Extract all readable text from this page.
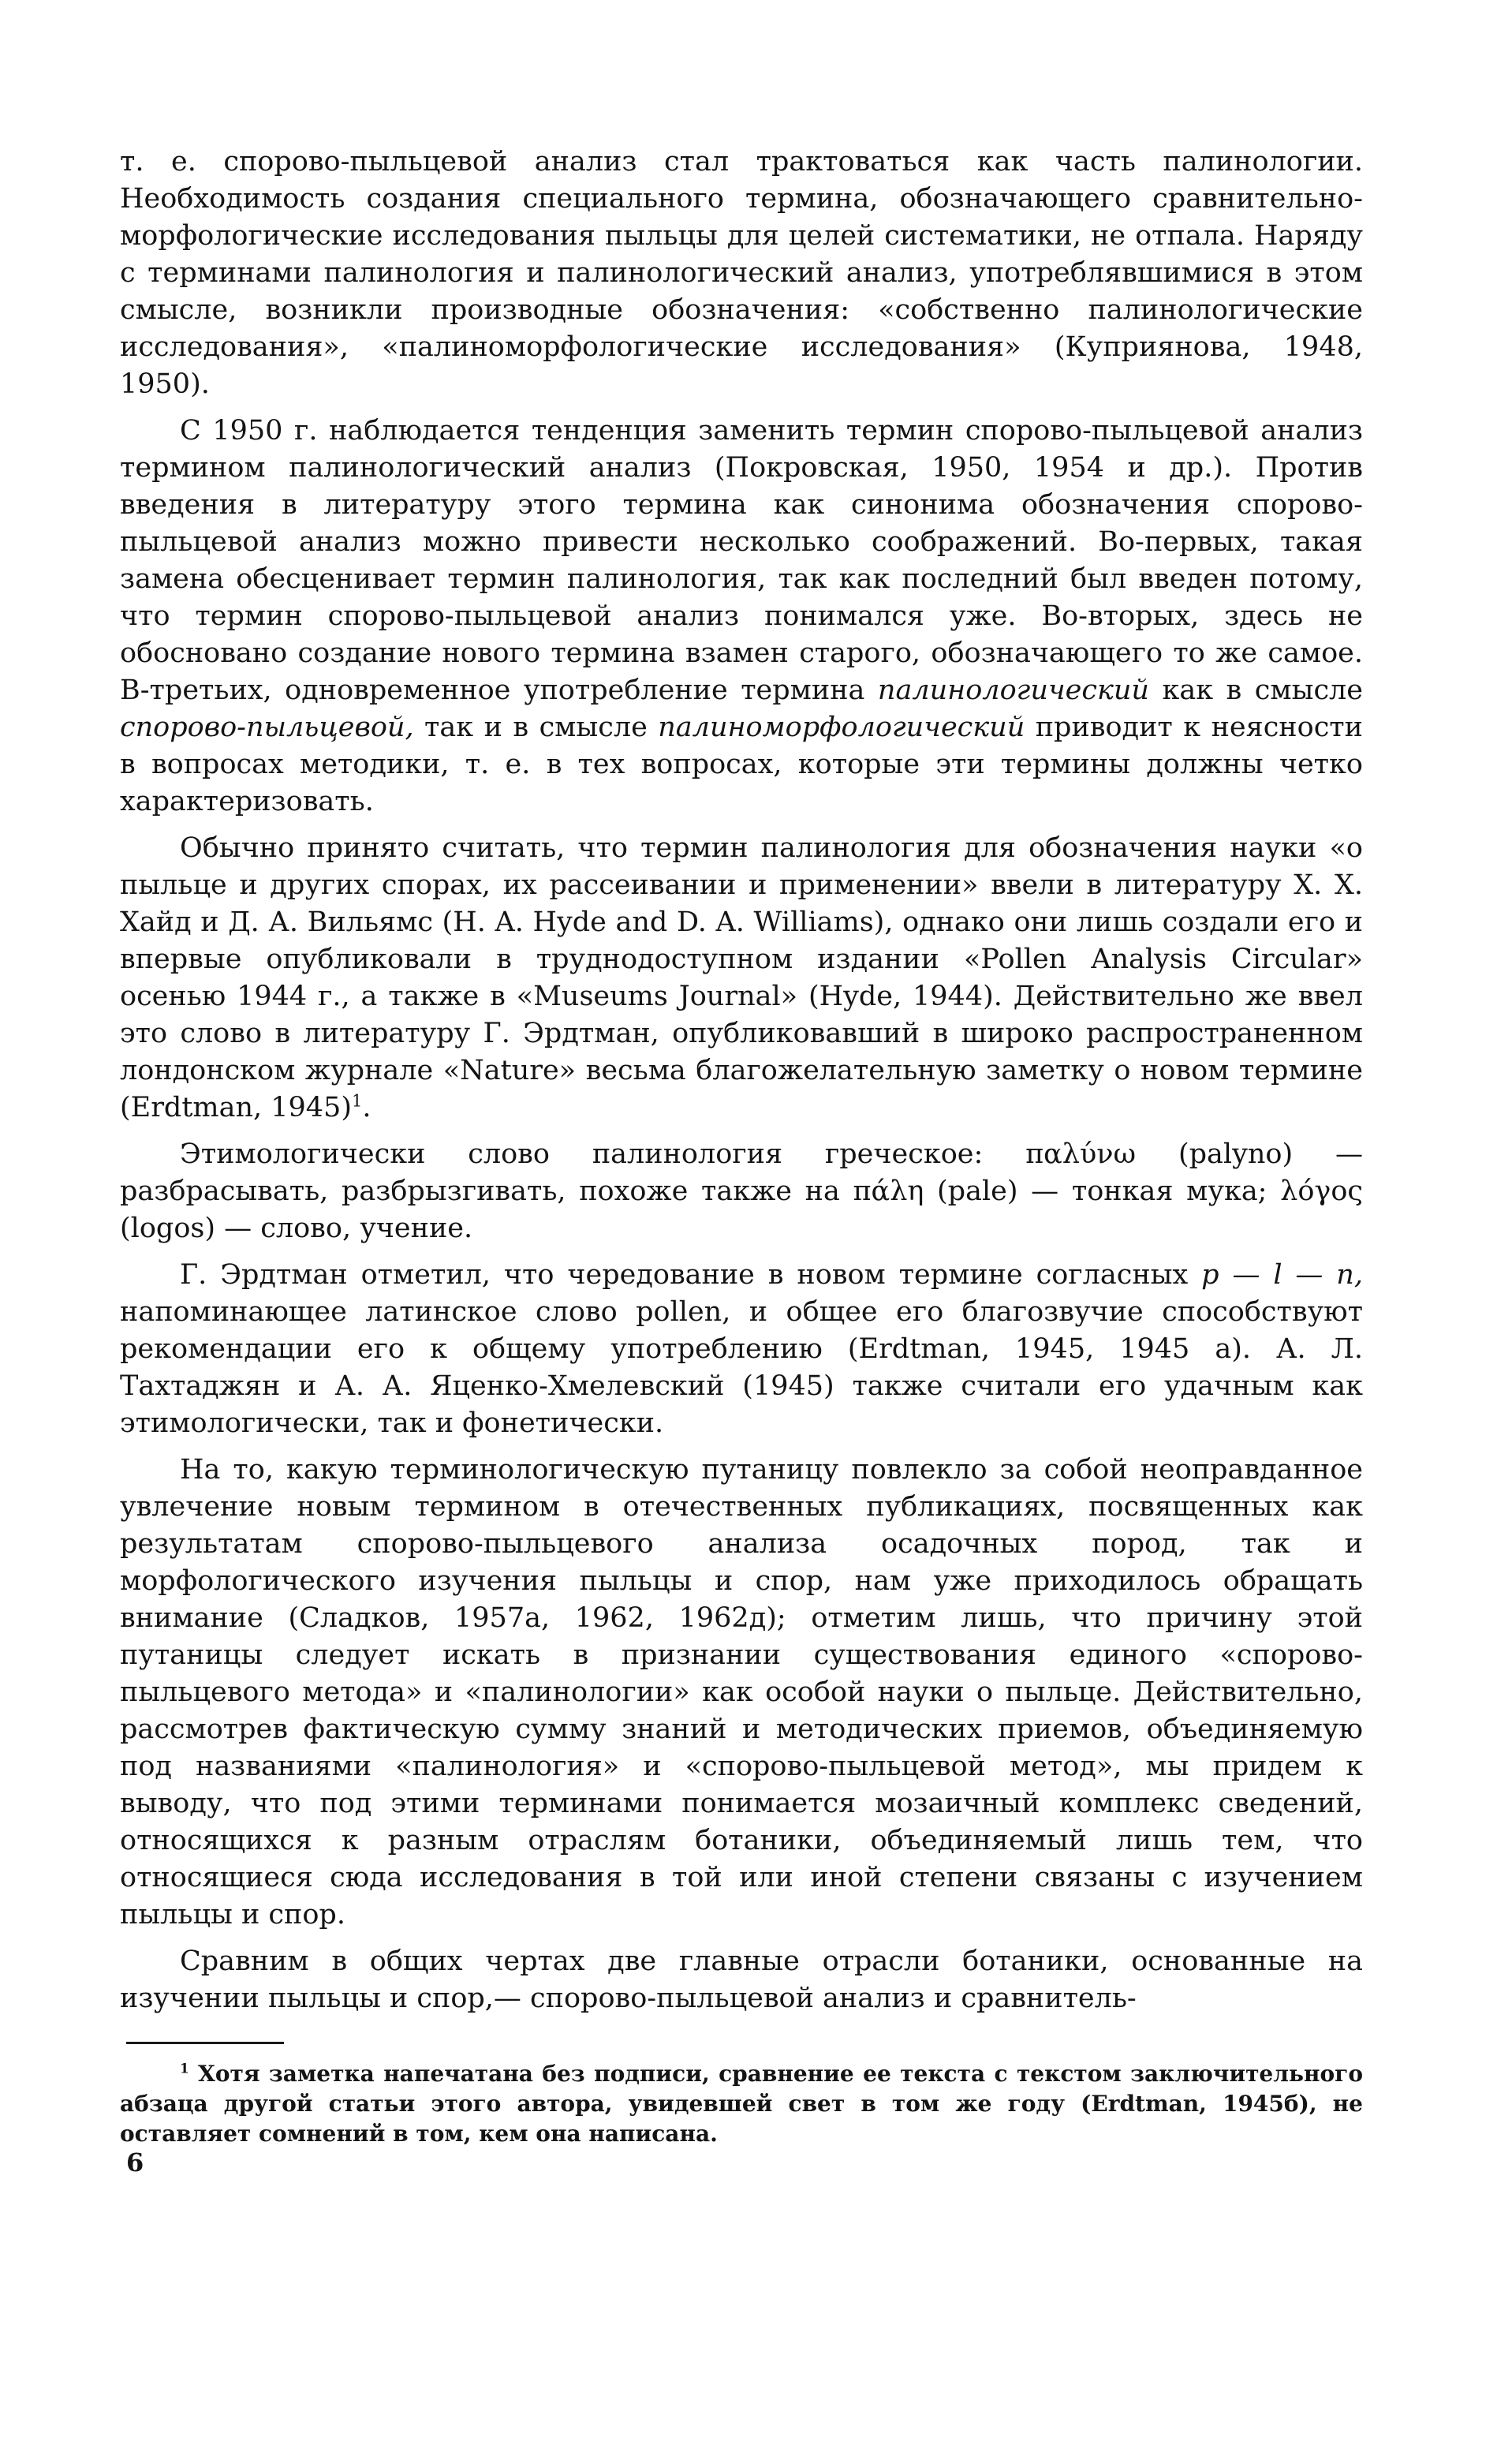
т. е. спорово-пыльцевой анализ стал трактоваться как часть палинологии. Необходимость создания специального термина, обозначающего сравнительно-морфологические исследования пыльцы для целей систематики, не отпала. Наряду с терминами палинология и палинологический анализ, употреблявшимися в этом смысле, возникли производные обозначения: «собственно палинологические исследования», «палиноморфологические исследования» (Куприянова, 1948, 1950).

С 1950 г. наблюдается тенденция заменить термин спорово-пыльцевой анализ термином палинологический анализ (Покровская, 1950, 1954 и др.). Против введения в литературу этого термина как синонима обозначения спорово-пыльцевой анализ можно привести несколько соображений. Во-первых, такая замена обесценивает термин палинология, так как последний был введен потому, что термин спорово-пыльцевой анализ понимался уже. Во-вторых, здесь не обосновано создание нового термина взамен старого, обозначающего то же самое. В-третьих, одновременное употребление термина палинологический как в смысле спорово-пыльцевой, так и в смысле палиноморфологический приводит к неясности в вопросах методики, т. е. в тех вопросах, которые эти термины должны четко характеризовать.

Обычно принято считать, что термин палинология для обозначения науки «о пыльце и других спорах, их рассеивании и применении» ввели в литературу Х. Х. Хайд и Д. А. Вильямс (H. A. Hyde and D. A. Williams), однако они лишь создали его и впервые опубликовали в труднодоступном издании «Pollen Analysis Circular» осенью 1944 г., а также в «Museums Journal» (Hyde, 1944). Действительно же ввел это слово в литературу Г. Эрдтман, опубликовавший в широко распространенном лондонском журнале «Nature» весьма благожелательную заметку о новом термине (Erdtman, 1945)$^1$.

Этимологически слово палинология греческое: παλύνω (palyno) — разбрасывать, разбрызгивать, похоже также на πάλη (pale) — тонкая мука; λόγος (logos) — слово, учение.

Г. Эрдтман отметил, что чередование в новом термине согласных p — l — n, напоминающее латинское слово pollen, и общее его благозвучие способствуют рекомендации его к общему употреблению (Erdtman, 1945, 1945 а). А. Л. Тахтаджян и А. А. Яценко-Хмелевский (1945) также считали его удачным как этимологически, так и фонетически.

На то, какую терминологическую путаницу повлекло за собой неоправданное увлечение новым термином в отечественных публикациях, посвященных как результатам спорово-пыльцевого анализа осадочных пород, так и морфологического изучения пыльцы и спор, нам уже приходилось обращать внимание (Сладков, 1957а, 1962, 1962д); отметим лишь, что причину этой путаницы следует искать в признании существования единого «спорово-пыльцевого метода» и «палинологии» как особой науки о пыльце. Действительно, рассмотрев фактическую сумму знаний и методических приемов, объединяемую под названиями «палинология» и «спорово-пыльцевой метод», мы придем к выводу, что под этими терминами понимается мозаичный комплекс сведений, относящихся к разным отраслям ботаники, объединяемый лишь тем, что относящиеся сюда исследования в той или иной степени связаны с изучением пыльцы и спор.

Сравним в общих чертах две главные отрасли ботаники, основанные на изучении пыльцы и спор,— спорово-пыльцевой анализ и сравнитель-

$^1$ Хотя заметка напечатана без подписи, сравнение ее текста с текстом заключительного абзаца другой статьи этого автора, увидевшей свет в том же году (Erdtman, 1945б), не оставляет сомнений в том, кем она написана.
6
